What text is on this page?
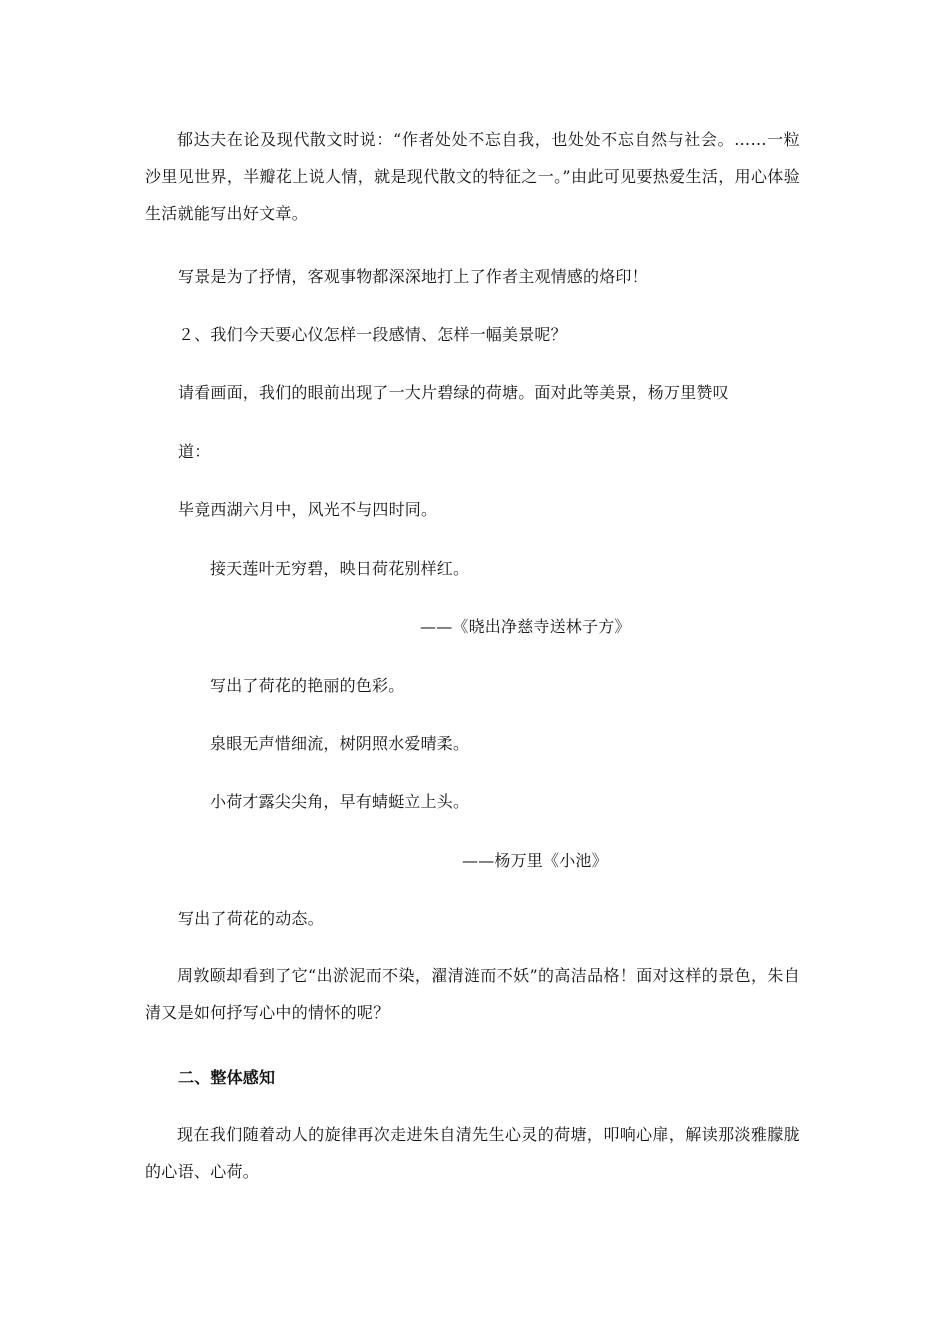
郁达夫在论及现代散文时说：“作者处处不忘自我，也处处不忘自然与社会。……一粒沙里见世界，半瓣花上说人情，就是现代散文的特征之一。”由此可见要热爱生活，用心体验生活就能写出好文章。
写景是为了抒情，客观事物都深深地打上了作者主观情感的烙印！
２、我们今天要心仪怎样一段感情、怎样一幅美景呢？
请看画面，我们的眼前出现了一大片碧绿的荷塘。面对此等美景，杨万里赞叹
道：
毕竟西湖六月中，风光不与四时同。
接天莲叶无穷碧，映日荷花别样红。
——《晓出净慈寺送林子方》
写出了荷花的艳丽的色彩。
泉眼无声惜细流，树阴照水爱晴柔。
小荷才露尖尖角，早有蜻蜓立上头。
——杨万里《小池》
写出了荷花的动态。
周敦颐却看到了它“出淤泥而不染，濯清涟而不妖”的高洁品格！面对这样的景色，朱自清又是如何抒写心中的情怀的呢？
二、整体感知
现在我们随着动人的旋律再次走进朱自清先生心灵的荷塘，叩响心扉，解读那淡雅朦胧的心语、心荷。
